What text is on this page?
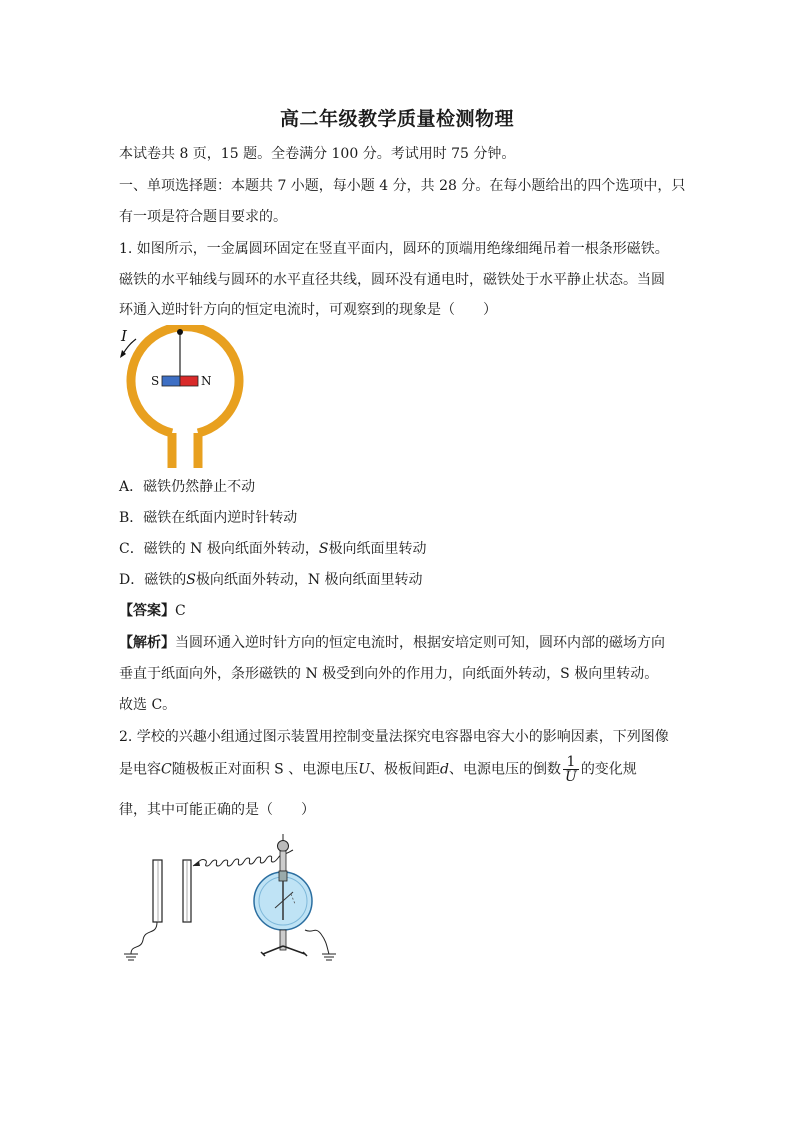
高二年级教学质量检测物理
本试卷共 8 页，15 题。全卷满分 100 分。考试用时 75 分钟。
一、单项选择题：本题共 7 小题，每小题 4 分，共 28 分。在每小题给出的四个选项中，只
有一项是符合题目要求的。
1. 如图所示，一金属圆环固定在竖直平面内，圆环的顶端用绝缘细绳吊着一根条形磁铁。
磁铁的水平轴线与圆环的水平直径共线，圆环没有通电时，磁铁处于水平静止状态。当圆
环通入逆时针方向的恒定电流时，可观察到的现象是（　　）
S	N
I
A．磁铁仍然静止不动
B．磁铁在纸面内逆时针转动
C．磁铁的 N 极向纸面外转动，S极向纸面里转动
D．磁铁的S极向纸面外转动，N 极向纸面里转动
【答案】C
【解析】当圆环通入逆时针方向的恒定电流时，根据安培定则可知，圆环内部的磁场方向
垂直于纸面向外，条形磁铁的 N 极受到向外的作用力，向纸面外转动，S 极向里转动。
故选 C。
2. 学校的兴趣小组通过图示装置用控制变量法探究电容器电容大小的影响因素，下列图像
是电容C随极板正对面积 S 、电源电压U、极板间距d、电源电压的倒数 $\frac{1}{U}$ 的变化规
律，其中可能正确的是（　　）
